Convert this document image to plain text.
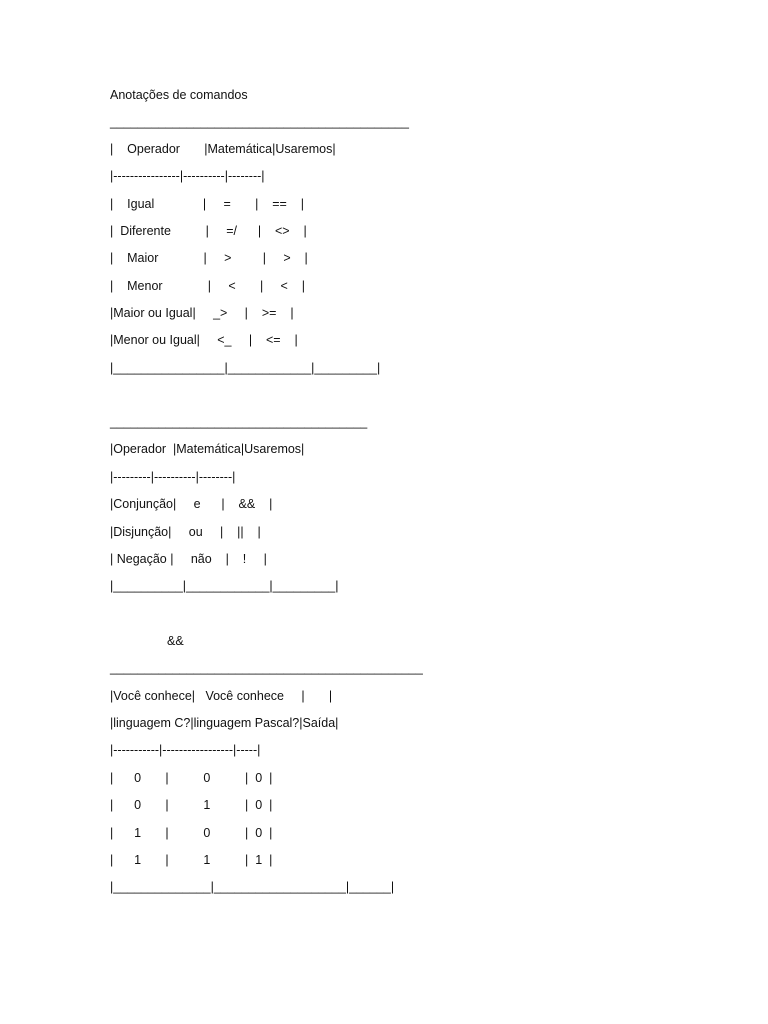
Anotações de comandos

___________________________________________

|    Operador       |Matemática|Usaremos|

|----------------|----------|--------|

|    Igual              |     =       |    ==    |

|  Diferente          |     =/      |    <>    |

|    Maior             |     >         |     >    |

|    Menor             |     <       |     <    |

|Maior ou Igual|     _>     |    >=    |

|Menor ou Igual|     <_     |    <=    |

|________________|____________|_________|

_____________________________________

|Operador  |Matemática|Usaremos|

|---------|----------|--------|

|Conjunção|     e      |    &&    |

|Disjunção|     ou     |    ||    |

| Negação |     não    |    !     |

|__________|____________|_________|

&&

_____________________________________________

|Você conhece|   Você conhece     |       |

|linguagem C?|linguagem Pascal?|Saída|

|-----------|-----------------|-----|

|      0       |          0          |  0  |

|      0       |          1          |  0  |

|      1       |          0          |  0  |

|      1       |          1          |  1  |

|______________|___________________|______|
